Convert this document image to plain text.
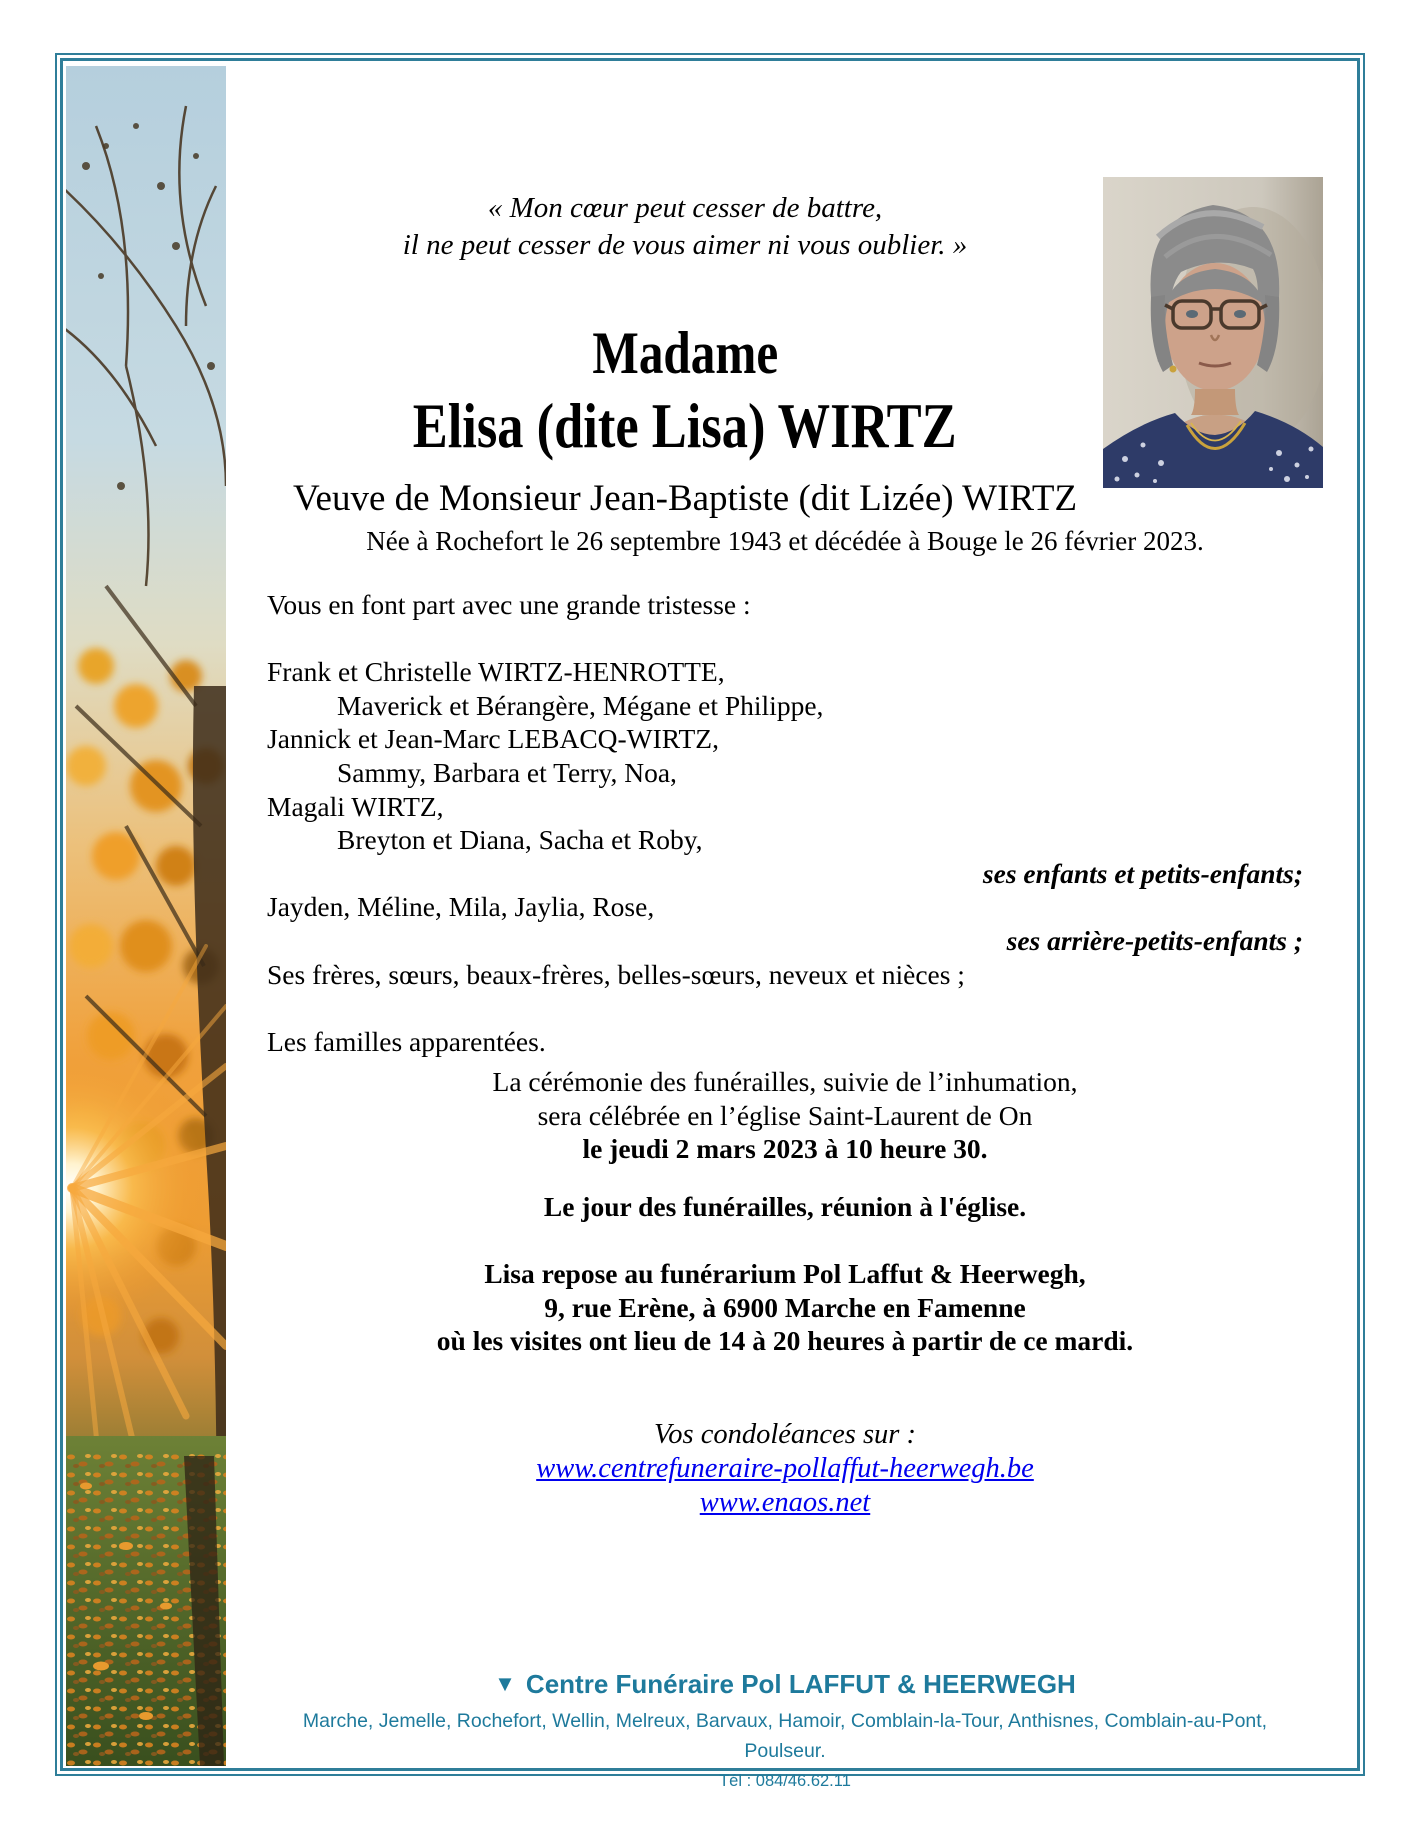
« Mon cœur peut cesser de battre,
il ne peut cesser de vous aimer ni vous oublier. »
Madame
Elisa (dite Lisa) WIRTZ
Veuve de Monsieur Jean-Baptiste (dit Lizée) WIRTZ
Née à Rochefort le 26 septembre 1943 et décédée à Bouge le 26 février 2023.
Vous en font part avec une grande tristesse :
Frank et Christelle WIRTZ-HENROTTE,
Maverick et Bérangère, Mégane et Philippe,
Jannick et Jean-Marc LEBACQ-WIRTZ,
Sammy, Barbara et Terry, Noa,
Magali WIRTZ,
Breyton et Diana, Sacha et Roby,
ses enfants et petits-enfants;
Jayden, Méline, Mila, Jaylia, Rose,
ses arrière-petits-enfants ;
Ses frères, sœurs, beaux-frères, belles-sœurs, neveux et nièces ;
Les familles apparentées.
La cérémonie des funérailles, suivie de l’inhumation,
sera célébrée en l’église Saint-Laurent de On
le jeudi 2 mars 2023 à 10 heure 30.
Le jour des funérailles, réunion à l'église.
Lisa repose au funérarium Pol Laffut & Heerwegh,
9, rue Erène, à 6900 Marche en Famenne
où les visites ont lieu de 14 à 20 heures à partir de ce mardi.
Vos condoléances sur :
www.centrefuneraire-pollaffut-heerwegh.be
www.enaos.net
▼ Centre Funéraire Pol LAFFUT & HEERWEGH
Marche, Jemelle, Rochefort, Wellin, Melreux, Barvaux, Hamoir, Comblain-la-Tour, Anthisnes, Comblain-au-Pont, Poulseur.
Tél : 084/46.62.11
